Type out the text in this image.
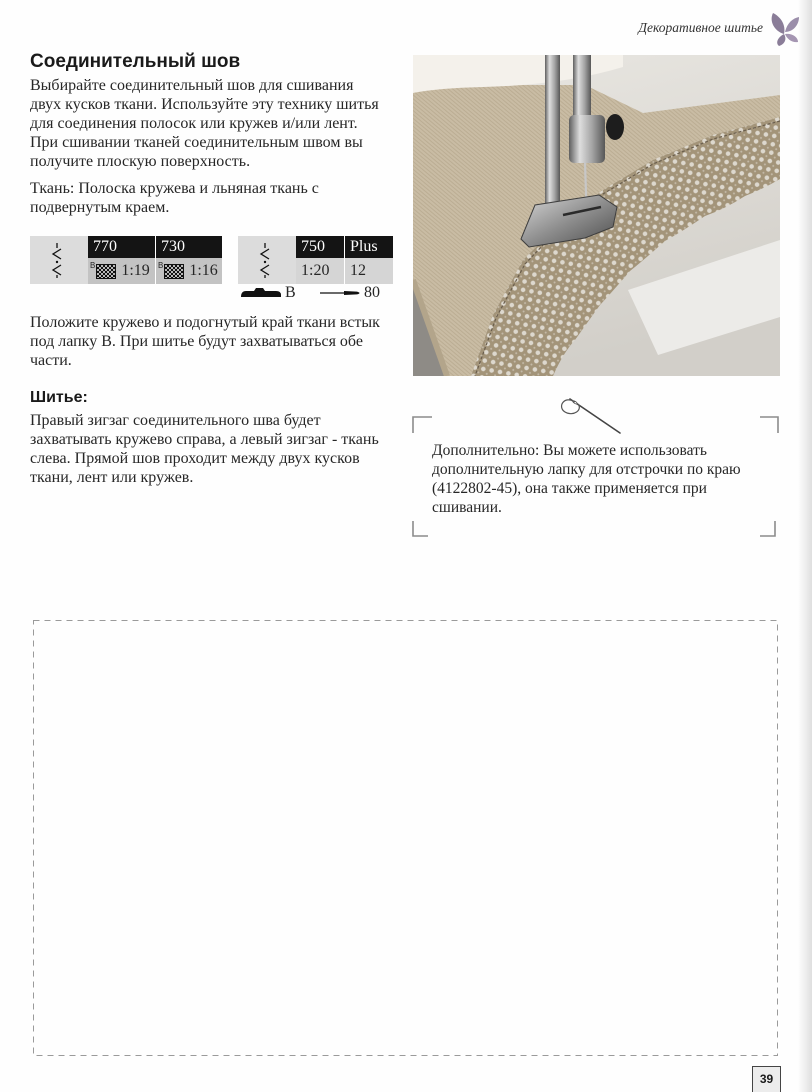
Декоративное шитье
Соединительный шов
Выбирайте соединительный шов для сшивания
двух кусков ткани. Используйте эту технику шитья
для соединения полосок или кружев и/или лент.
При сшивании тканей соединительным швом вы
получите плоскую поверхность.
Ткань: Полоска кружева и льняная ткань с
подвернутым краем.
770	730
B 1:19 B 1:16
750	Plus
1:20	12
B	80
Положите кружево и подогнутый край ткани встык
под лапку B. При шитье будут захватываться обе
части.
Шитье:
Правый зигзаг соединительного шва будет
захватывать кружево справа, а левый зигзаг - ткань
слева. Прямой шов проходит между двух кусков
ткани, лент или кружев.
Дополнительно: Вы можете использовать
дополнительную лапку для отстрочки по краю
(4122802-45), она также применяется при
сшивании.
39
